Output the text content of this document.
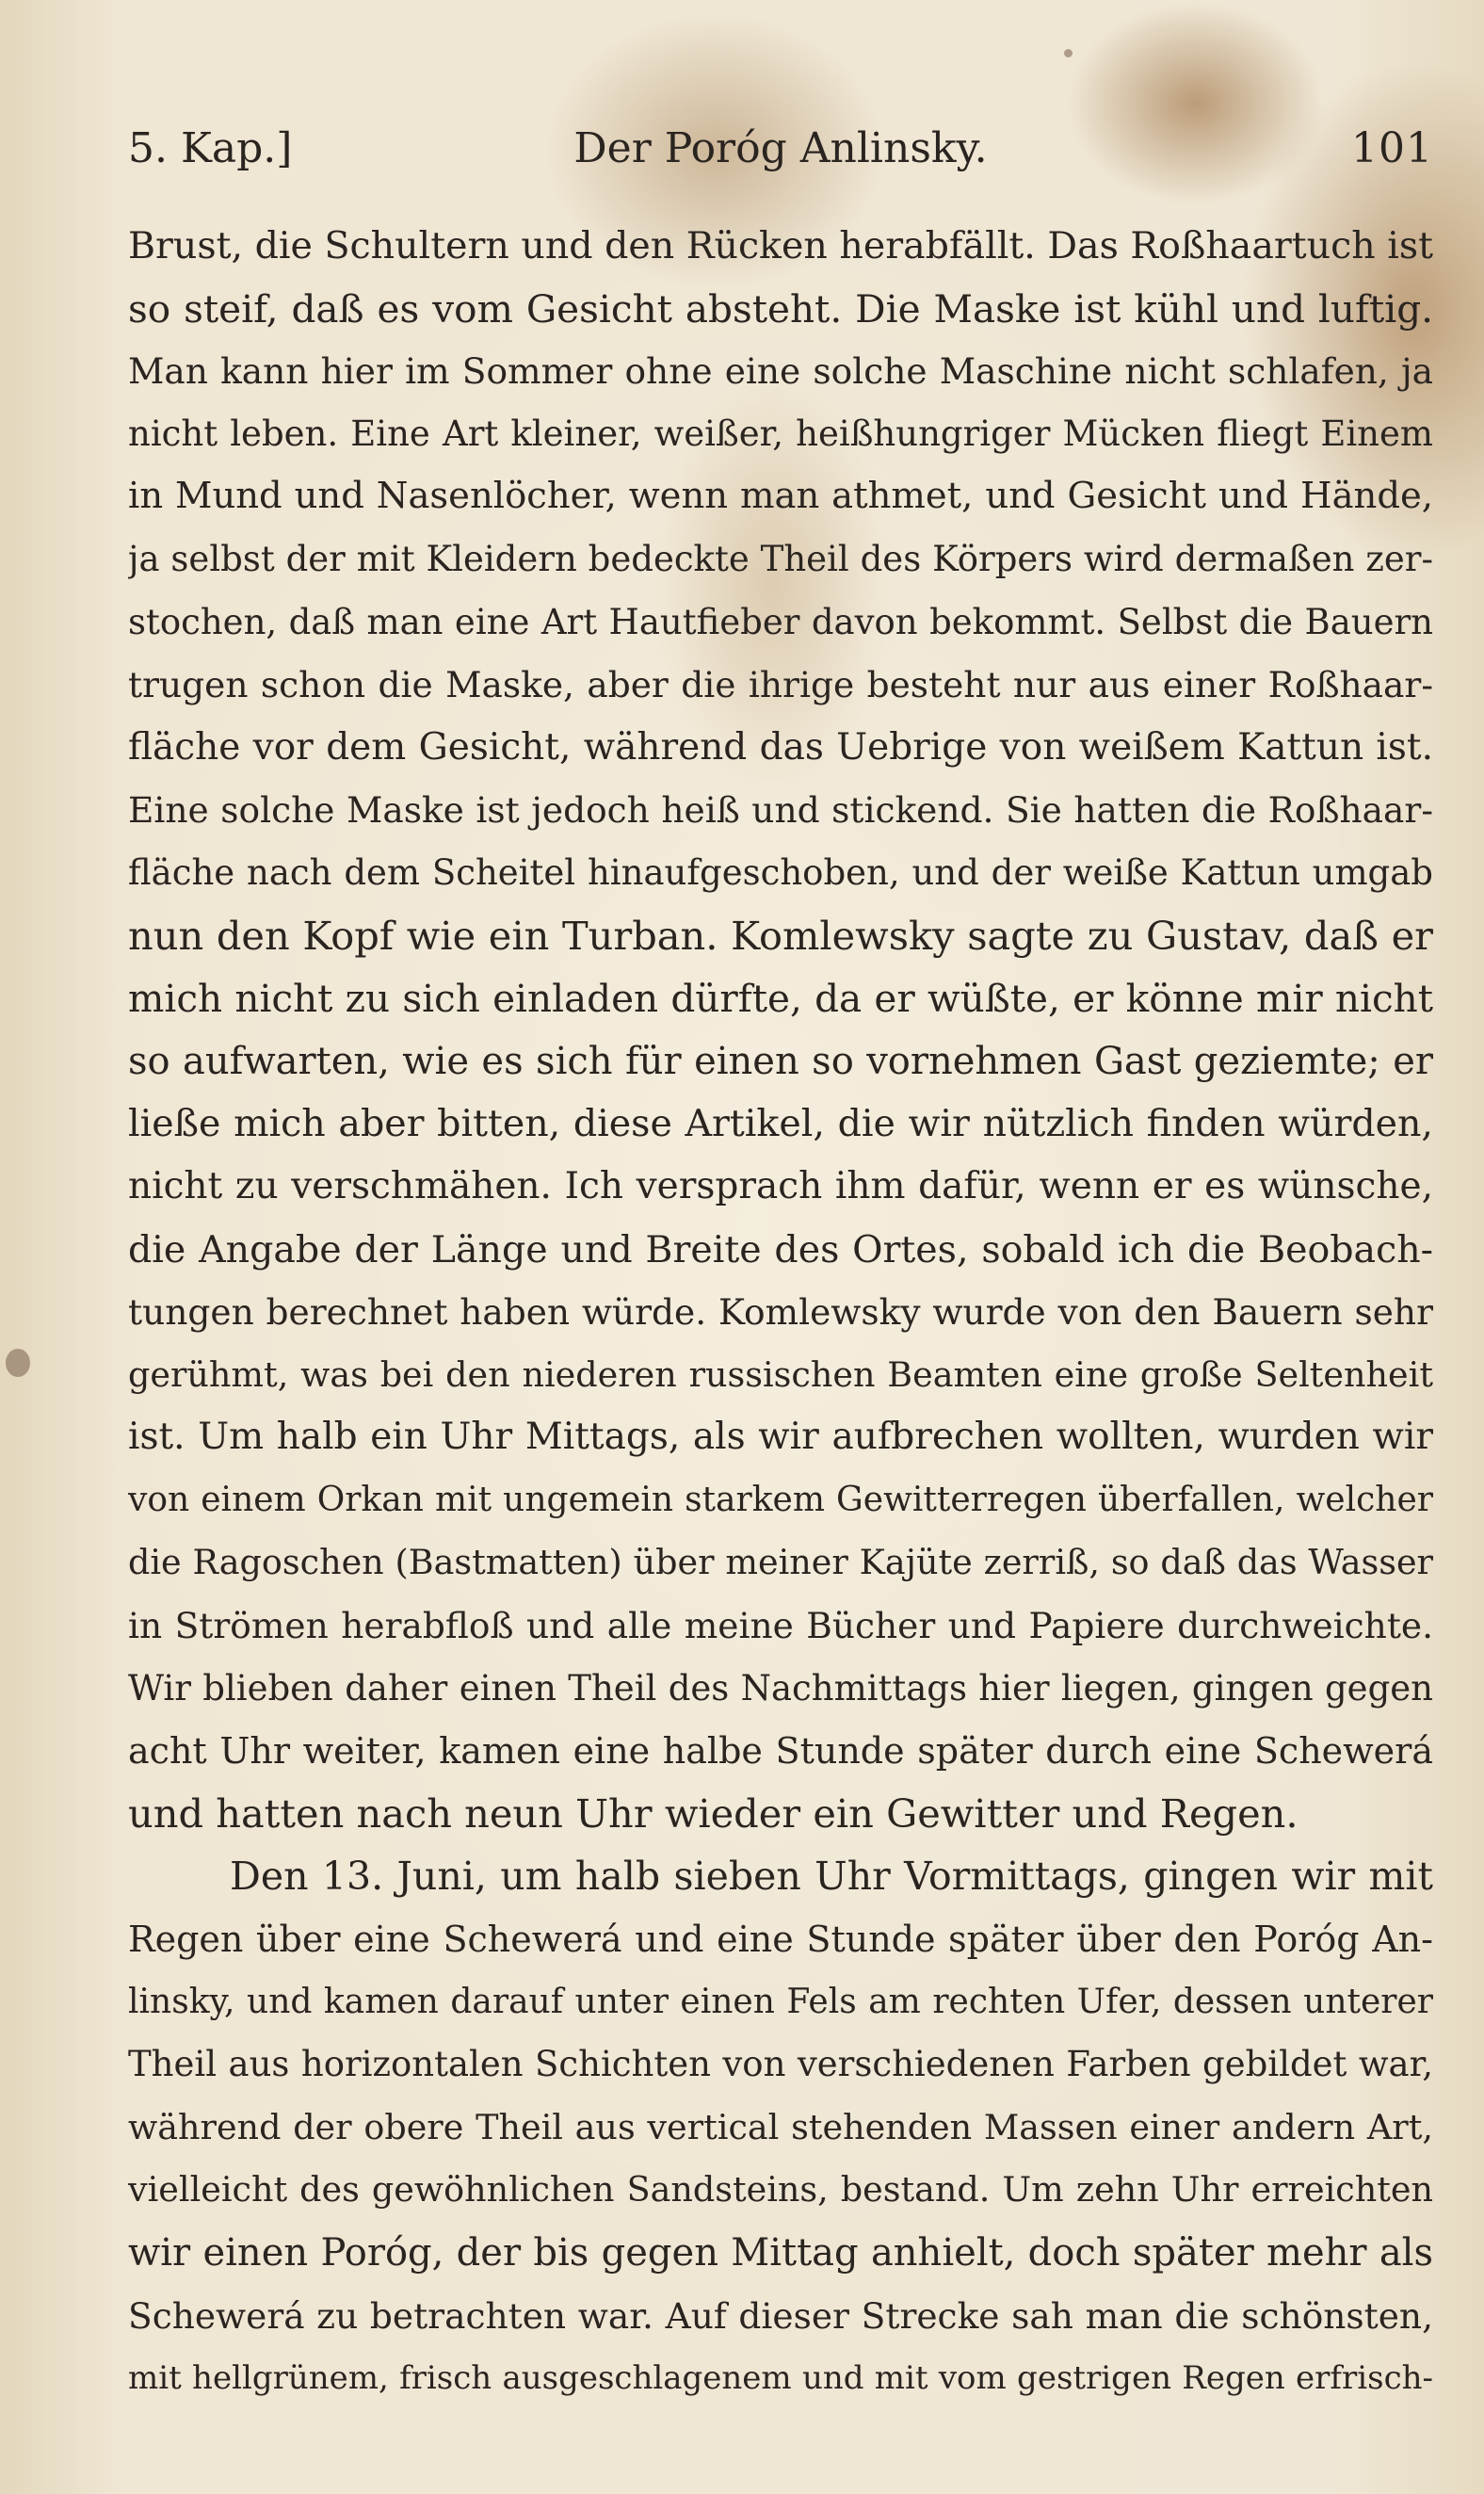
5. Kap.]	Der Poróg Anlinsky.	101
Brust, die Schultern und den Rücken herabfällt. Das Roßhaartuch ist
so steif, daß es vom Gesicht absteht. Die Maske ist kühl und luftig.
Man kann hier im Sommer ohne eine solche Maschine nicht schlafen, ja
nicht leben. Eine Art kleiner, weißer, heißhungriger Mücken fliegt Einem
in Mund und Nasenlöcher, wenn man athmet, und Gesicht und Hände,
ja selbst der mit Kleidern bedeckte Theil des Körpers wird dermaßen zer-
stochen, daß man eine Art Hautfieber davon bekommt. Selbst die Bauern
trugen schon die Maske, aber die ihrige besteht nur aus einer Roßhaar-
fläche vor dem Gesicht, während das Uebrige von weißem Kattun ist.
Eine solche Maske ist jedoch heiß und stickend. Sie hatten die Roßhaar-
fläche nach dem Scheitel hinaufgeschoben, und der weiße Kattun umgab
nun den Kopf wie ein Turban. Komlewsky sagte zu Gustav, daß er
mich nicht zu sich einladen dürfte, da er wüßte, er könne mir nicht
so aufwarten, wie es sich für einen so vornehmen Gast geziemte; er
ließe mich aber bitten, diese Artikel, die wir nützlich finden würden,
nicht zu verschmähen. Ich versprach ihm dafür, wenn er es wünsche,
die Angabe der Länge und Breite des Ortes, sobald ich die Beobach-
tungen berechnet haben würde. Komlewsky wurde von den Bauern sehr
gerühmt, was bei den niederen russischen Beamten eine große Seltenheit
ist. Um halb ein Uhr Mittags, als wir aufbrechen wollten, wurden wir
von einem Orkan mit ungemein starkem Gewitterregen überfallen, welcher
die Ragoschen (Bastmatten) über meiner Kajüte zerriß, so daß das Wasser
in Strömen herabfloß und alle meine Bücher und Papiere durchweichte.
Wir blieben daher einen Theil des Nachmittags hier liegen, gingen gegen
acht Uhr weiter, kamen eine halbe Stunde später durch eine Schewerá
und hatten nach neun Uhr wieder ein Gewitter und Regen.
Den 13. Juni, um halb sieben Uhr Vormittags, gingen wir mit
Regen über eine Schewerá und eine Stunde später über den Poróg An-
linsky, und kamen darauf unter einen Fels am rechten Ufer, dessen unterer
Theil aus horizontalen Schichten von verschiedenen Farben gebildet war,
während der obere Theil aus vertical stehenden Massen einer andern Art,
vielleicht des gewöhnlichen Sandsteins, bestand. Um zehn Uhr erreichten
wir einen Poróg, der bis gegen Mittag anhielt, doch später mehr als
Schewerá zu betrachten war. Auf dieser Strecke sah man die schönsten,
mit hellgrünem, frisch ausgeschlagenem und mit vom gestrigen Regen erfrisch-
